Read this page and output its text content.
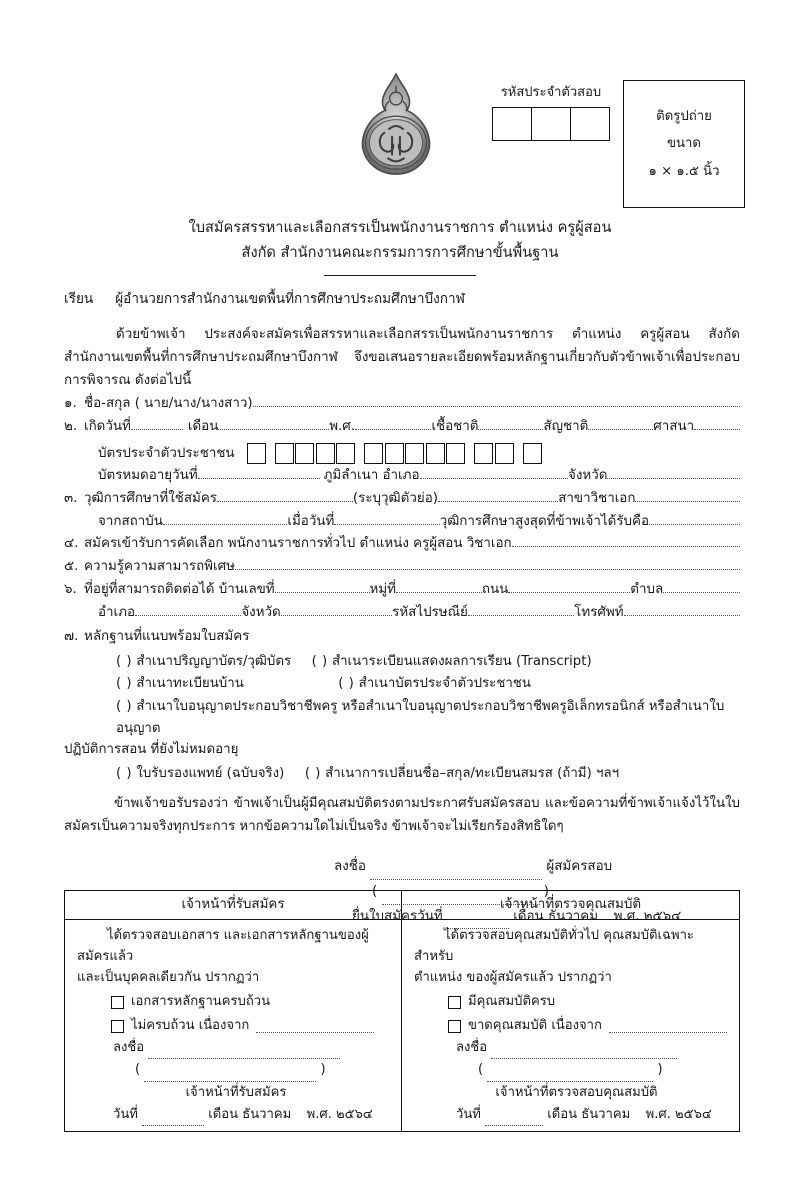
รหัสประจำตัวสอบ
ติดรูปถ่าย
ขนาด
๑ × ๑.๕ นิ้ว
ใบสมัครสรรหาและเลือกสรรเป็นพนักงานราชการ ตำแหน่ง ครูผู้สอน
สังกัด สำนักงานคณะกรรมการการศึกษาขั้นพื้นฐาน
เรียน ผู้อำนวยการสำนักงานเขตพื้นที่การศึกษาประถมศึกษาบึงกาฬ
ด้วยข้าพเจ้า ประสงค์จะสมัครเพื่อสรรหาและเลือกสรรเป็นพนักงานราชการ ตำแหน่ง ครูผู้สอน สังกัด สำนักงานเขตพื้นที่การศึกษาประถมศึกษาบึงกาฬ จึงขอเสนอรายละเอียดพร้อมหลักฐานเกี่ยวกับตัวข้าพเจ้าเพื่อประกอบการพิจารณ ดังต่อไปนี้
๑. ชื่อ-สกุล ( นาย/นาง/นางสาว)
๒. เกิดวันที่	เดือน	พ.ศ.	เชื้อชาติ	สัญชาติ	ศาสนา
บัตรประจำตัวประชาชน
บัตรหมดอายุวันที่	ภูมิลำเนา อำเภอ	จังหวัด
๓. วุฒิการศึกษาที่ใช้สมัคร	(ระบุวุฒิตัวย่อ)	สาขาวิชาเอก
จากสถาบัน	เมื่อวันที่	วุฒิการศึกษาสูงสุดที่ข้าพเจ้าได้รับคือ
๔. สมัครเข้ารับการคัดเลือก พนักงานราชการทั่วไป ตำแหน่ง ครูผู้สอน วิชาเอก
๕. ความรู้ความสามารถพิเศษ
๖. ที่อยู่ที่สามารถติดต่อได้ บ้านเลขที่	หมู่ที่	ถนน	ตำบล
อำเภอ	จังหวัด	รหัสไปรษณีย์	โทรศัพท์
๗. หลักฐานที่แนบพร้อมใบสมัคร
( ) สำเนาปริญญาบัตร/วุฒิบัตร ( ) สำเนาระเบียนแสดงผลการเรียน (Transcript)
( ) สำเนาทะเบียนบ้าน	( ) สำเนาบัตรประจำตัวประชาชน
( ) สำเนาใบอนุญาตประกอบวิชาชีพครู หรือสำเนาใบอนุญาตประกอบวิชาชีพครูอิเล็กทรอนิกส์ หรือสำเนาใบอนุญาต
ปฏิบัติการสอน ที่ยังไม่หมดอายุ
( ) ใบรับรองแพทย์ (ฉบับจริง) ( ) สำเนาการเปลี่ยนชื่อ–สกุล/ทะเบียนสมรส (ถ้ามี) ฯลฯ
ข้าพเจ้าขอรับรองว่า ข้าพเจ้าเป็นผู้มีคุณสมบัติตรงตามประกาศรับสมัครสอบ และข้อความที่ข้าพเจ้าแจ้งไว้ในใบสมัครเป็นความจริงทุกประการ หากข้อความใดไม่เป็นจริง ข้าพเจ้าจะไม่เรียกร้องสิทธิใดๆ
ลงชื่อ	ผู้สมัครสอบ
(	)
ยื่นใบสมัครวันที่	เดือน ธันวาคม พ.ศ. ๒๕๖๔
เจ้าหน้าที่รับสมัคร
ได้ตรวจสอบเอกสาร และเอกสารหลักฐานของผู้สมัครแล้ว
และเป็นบุคคลเดียวกัน ปรากฏว่า
เอกสารหลักฐานครบถ้วน
ไม่ครบถ้วน เนื่องจาก
ลงชื่อ
(	)
เจ้าหน้าที่รับสมัคร
วันที่	เดือน ธันวาคม พ.ศ. ๒๕๖๔
เจ้าหน้าที่ตรวจคุณสมบัติ
ได้ตรวจสอบคุณสมบัติทั่วไป คุณสมบัติเฉพาะสำหรับ
ตำแหน่ง ของผู้สมัครแล้ว ปรากฏว่า
มีคุณสมบัติครบ
ขาดคุณสมบัติ เนื่องจาก
ลงชื่อ
(	)
เจ้าหน้าที่ตรวจสอบคุณสมบัติ
วันที่	เดือน ธันวาคม พ.ศ. ๒๕๖๔
